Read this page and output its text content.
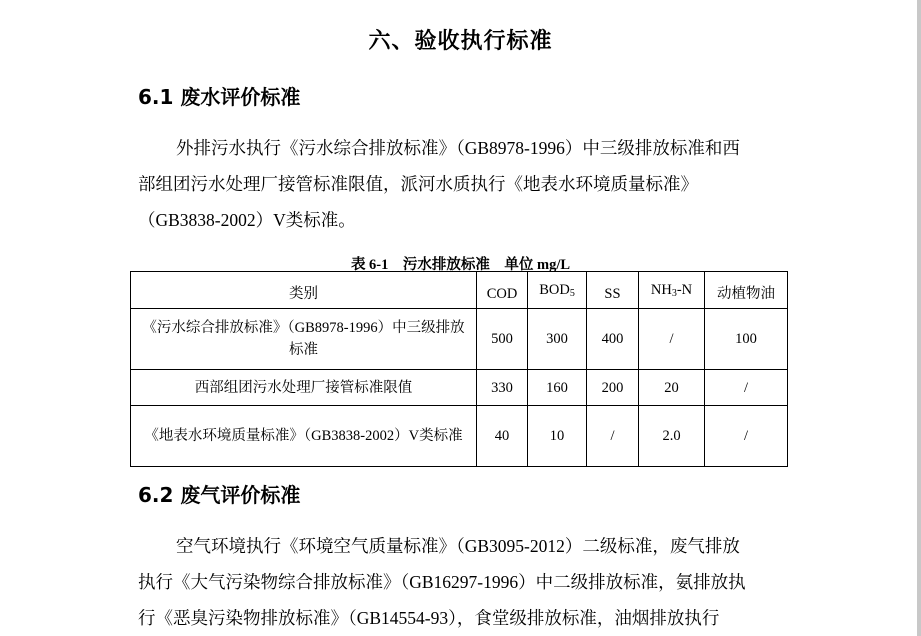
六、验收执行标准
6.1 废水评价标准

外排污水执行《污水综合排放标准》（GB8978-1996）中三级排放标准和西

部组团污水处理厂接管标准限值，派河水质执行《地表水环境质量标准》

（GB3838-2002）V类标准。

表 6-1　污水排放标准　单位 mg/L
类别	COD	$BOD_5$	SS	$NH_3-N$	动植物油
《污水综合排放标准》（GB8978-1996）中三级排放标准	500	300	400	/	100
西部组团污水处理厂接管标准限值	330	160	200	20	/
《地表水环境质量标准》（GB3838-2002）V类标准	40	10	/	2.0	/
6.2 废气评价标准

空气环境执行《环境空气质量标准》（GB3095-2012）二级标准，废气排放

执行《大气污染物综合排放标准》（GB16297-1996）中二级排放标准，氨排放执

行《恶臭污染物排放标准》（GB14554-93），食堂级排放标准，油烟排放执行
